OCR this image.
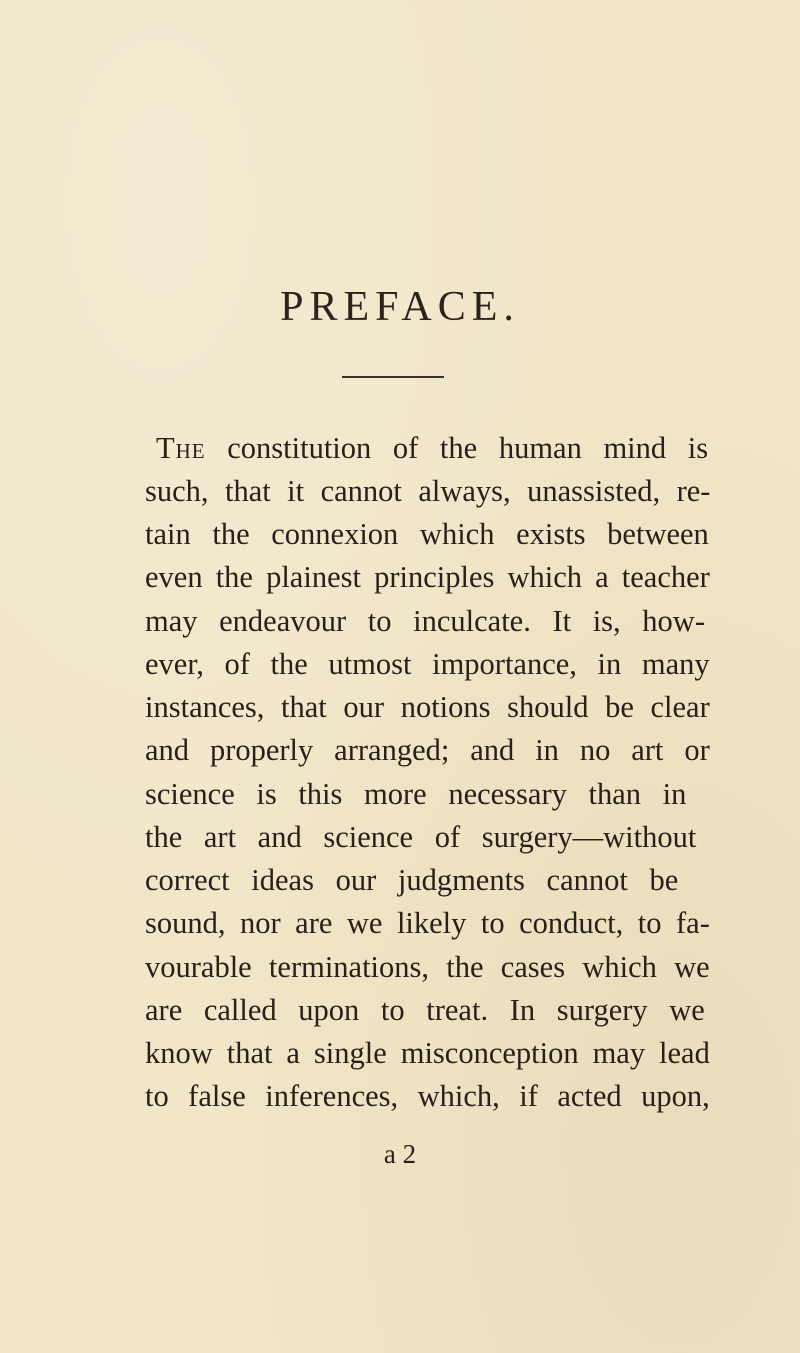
PREFACE.
The constitution of the human mind is
such, that it cannot always, unassisted, re-
tain the connexion which exists between
even the plainest principles which a teacher
may endeavour to inculcate. It is, how-
ever, of the utmost importance, in many
instances, that our notions should be clear
and properly arranged; and in no art or
science is this more necessary than in
the art and science of surgery—without
correct ideas our judgments cannot be
sound, nor are we likely to conduct, to fa-
vourable terminations, the cases which we
are called upon to treat. In surgery we
know that a single misconception may lead
to false inferences, which, if acted upon,
a 2
